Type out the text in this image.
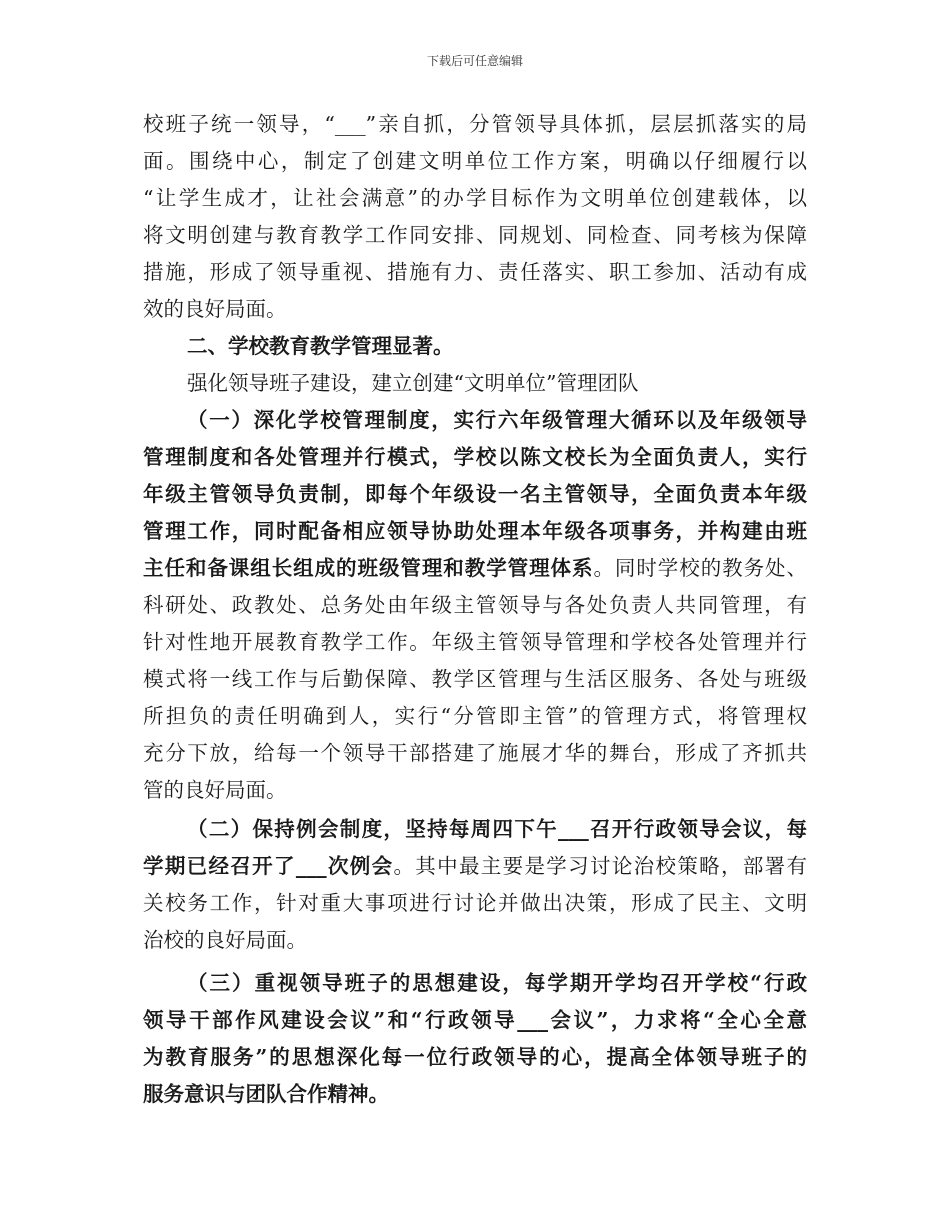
下载后可任意编辑
校班子统一领导，“___”亲自抓，分管领导具体抓，层层抓落实的局
面。围绕中心，制定了创建文明单位工作方案，明确以仔细履行以
“让学生成才，让社会满意”的办学目标作为文明单位创建载体，以
将文明创建与教育教学工作同安排、同规划、同检查、同考核为保障
措施，形成了领导重视、措施有力、责任落实、职工参加、活动有成
效的良好局面。
二、学校教育教学管理显著。
强化领导班子建设，建立创建“文明单位”管理团队
（一）深化学校管理制度，实行六年级管理大循环以及年级领导
管理制度和各处管理并行模式，学校以陈文校长为全面负责人，实行
年级主管领导负责制，即每个年级设一名主管领导，全面负责本年级
管理工作，同时配备相应领导协助处理本年级各项事务，并构建由班
主任和备课组长组成的班级管理和教学管理体系。同时学校的教务处、
科研处、政教处、总务处由年级主管领导与各处负责人共同管理，有
针对性地开展教育教学工作。年级主管领导管理和学校各处管理并行
模式将一线工作与后勤保障、教学区管理与生活区服务、各处与班级
所担负的责任明确到人，实行“分管即主管”的管理方式，将管理权
充分下放，给每一个领导干部搭建了施展才华的舞台，形成了齐抓共
管的良好局面。
（二）保持例会制度，坚持每周四下午___召开行政领导会议，每
学期已经召开了___次例会。其中最主要是学习讨论治校策略，部署有
关校务工作，针对重大事项进行讨论并做出决策，形成了民主、文明
治校的良好局面。
（三）重视领导班子的思想建设，每学期开学均召开学校“行政
领导干部作风建设会议”和“行政领导___会议”，力求将“全心全意
为教育服务”的思想深化每一位行政领导的心，提高全体领导班子的
服务意识与团队合作精神。
